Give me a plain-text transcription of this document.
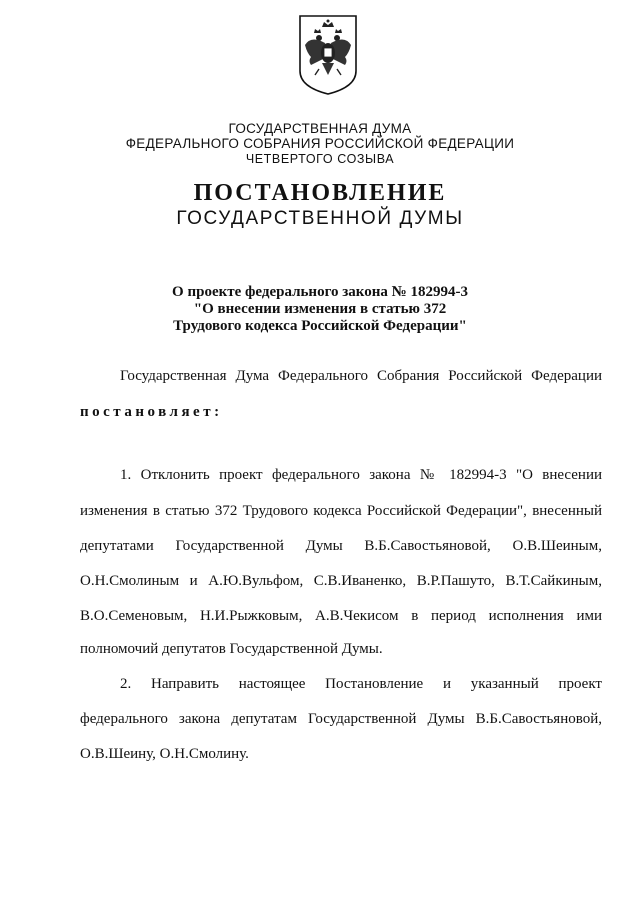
ГОСУДАРСТВЕННАЯ ДУМА
ФЕДЕРАЛЬНОГО СОБРАНИЯ РОССИЙСКОЙ ФЕДЕРАЦИИ
ЧЕТВЕРТОГО СОЗЫВА
ПОСТАНОВЛЕНИЕ
ГОСУДАРСТВЕННОЙ ДУМЫ
О проекте федерального закона № 182994-3
"О внесении изменения в статью 372
Трудового кодекса Российской Федерации"
Государственная Дума Федерального Собрания Российской Федерации
постановляет:
1. Отклонить проект федерального закона № 182994-3 "О внесении
изменения в статью 372 Трудового кодекса Российской Федерации", внесенный
депутатами Государственной Думы В.Б.Савостьяновой, О.В.Шеиным,
О.Н.Смолиным и А.Ю.Вульфом, С.В.Иваненко, В.Р.Пашуто, В.Т.Сайкиным,
В.О.Семеновым, Н.И.Рыжковым, А.В.Чекисом в период исполнения ими
полномочий депутатов Государственной Думы.
2. Направить настоящее Постановление и указанный проект
федерального закона депутатам Государственной Думы В.Б.Савостьяновой,
О.В.Шеину, О.Н.Смолину.
